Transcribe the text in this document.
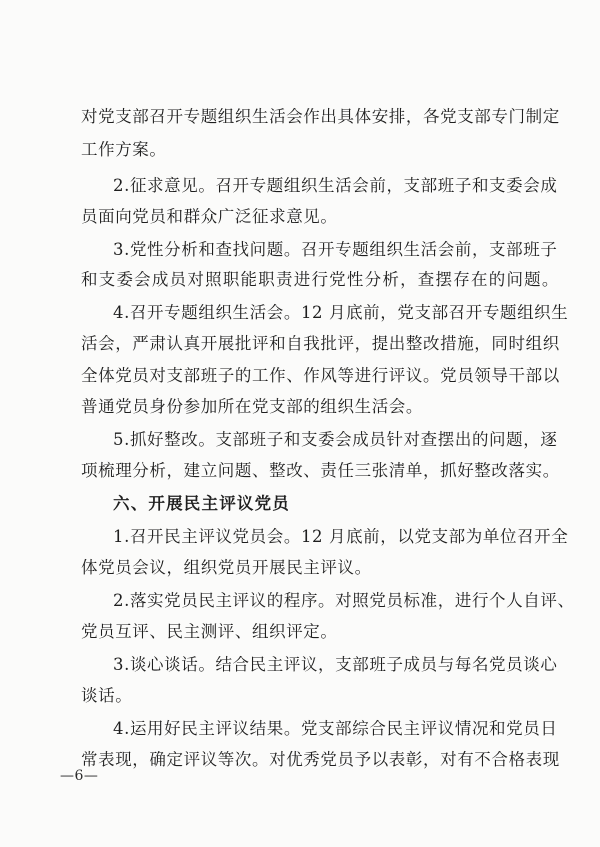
对党支部召开专题组织生活会作出具体安排，各党支部专门制定
工作方案。
2.征求意见。召开专题组织生活会前，支部班子和支委会成
员面向党员和群众广泛征求意见。
3.党性分析和查找问题。召开专题组织生活会前，支部班子
和支委会成员对照职能职责进行党性分析，查摆存在的问题。
4.召开专题组织生活会。12 月底前，党支部召开专题组织生
活会，严肃认真开展批评和自我批评，提出整改措施，同时组织
全体党员对支部班子的工作、作风等进行评议。党员领导干部以
普通党员身份参加所在党支部的组织生活会。
5.抓好整改。支部班子和支委会成员针对查摆出的问题，逐
项梳理分析，建立问题、整改、责任三张清单，抓好整改落实。
六、开展民主评议党员
1.召开民主评议党员会。12 月底前，以党支部为单位召开全
体党员会议，组织党员开展民主评议。
2.落实党员民主评议的程序。对照党员标准，进行个人自评、
党员互评、民主测评、组织评定。
3.谈心谈话。结合民主评议，支部班子成员与每名党员谈心
谈话。
4.运用好民主评议结果。党支部综合民主评议情况和党员日
常表现，确定评议等次。对优秀党员予以表彰，对有不合格表现
—6—
